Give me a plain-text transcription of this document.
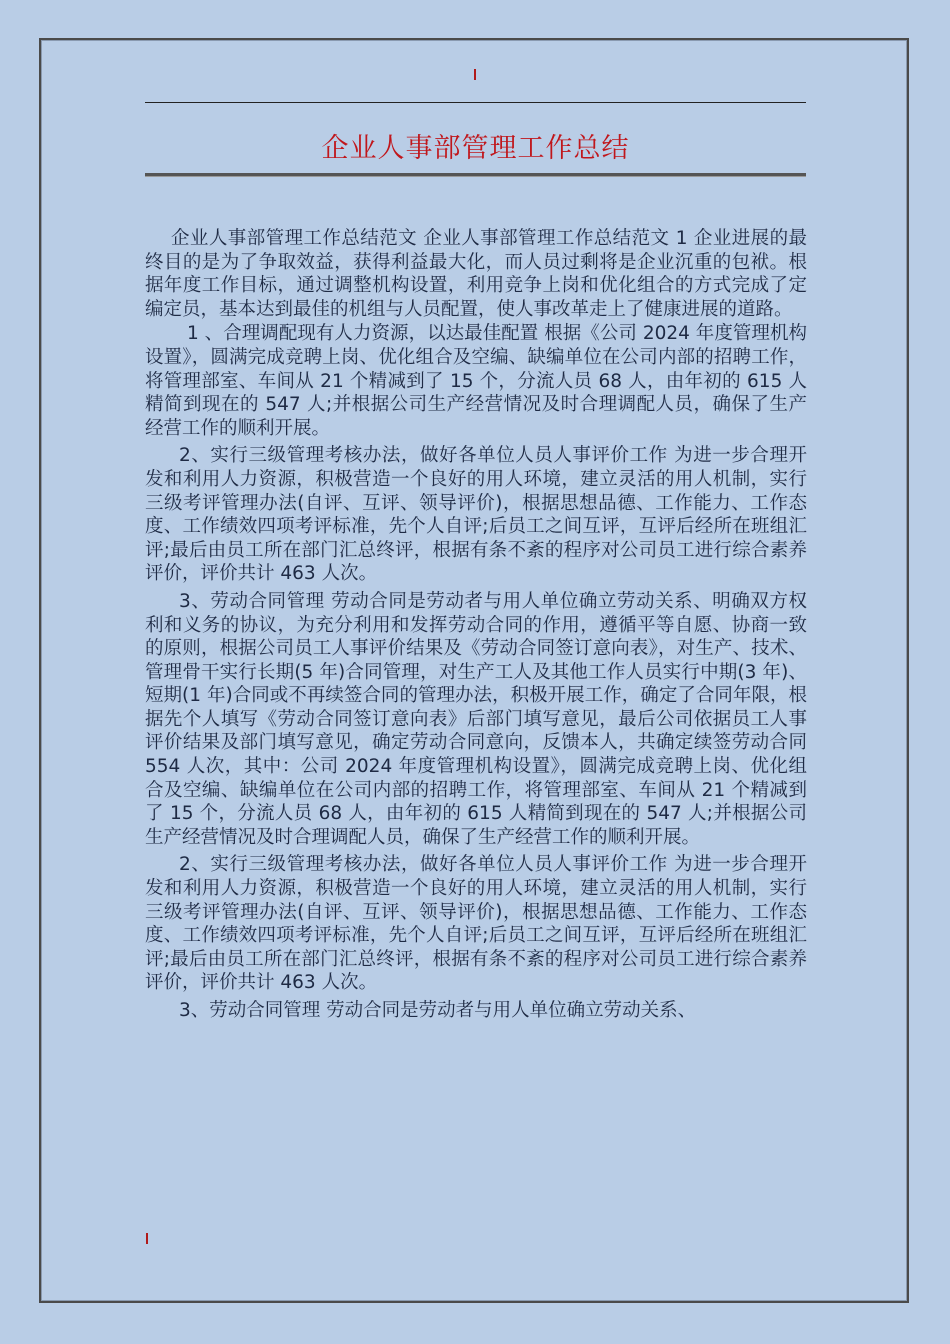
企业人事部管理工作总结

企业人事部管理工作总结范文 企业人事部管理工作总结范文 1 企业进展的最终目的是为了争取效益，获得利益最大化，而人员过剩将是企业沉重的包袱。根据年度工作目标，通过调整机构设置，利用竞争上岗和优化组合的方式完成了定编定员，基本达到最佳的机组与人员配置，使人事改革走上了健康进展的道路。

1 、合理调配现有人力资源，以达最佳配置 根据《公司 2024 年度管理机构设置》，圆满完成竞聘上岗、优化组合及空编、缺编单位在公司内部的招聘工作，将管理部室、车间从 21 个精减到了 15 个，分流人员 68 人，由年初的 615 人精简到现在的 547 人;并根据公司生产经营情况及时合理调配人员，确保了生产经营工作的顺利开展。

2、实行三级管理考核办法，做好各单位人员人事评价工作 为进一步合理开发和利用人力资源，积极营造一个良好的用人环境，建立灵活的用人机制，实行三级考评管理办法(自评、互评、领导评价)，根据思想品德、工作能力、工作态度、工作绩效四项考评标准，先个人自评;后员工之间互评，互评后经所在班组汇评;最后由员工所在部门汇总终评，根据有条不紊的程序对公司员工进行综合素养评价，评价共计 463 人次。

3、劳动合同管理 劳动合同是劳动者与用人单位确立劳动关系、明确双方权利和义务的协议，为充分利用和发挥劳动合同的作用，遵循平等自愿、协商一致的原则，根据公司员工人事评价结果及《劳动合同签订意向表》，对生产、技术、管理骨干实行长期(5 年)合同管理，对生产工人及其他工作人员实行中期(3 年)、短期(1 年)合同或不再续签合同的管理办法，积极开展工作，确定了合同年限，根据先个人填写《劳动合同签订意向表》后部门填写意见，最后公司依据员工人事评价结果及部门填写意见，确定劳动合同意向，反馈本人，共确定续签劳动合同 554 人次，其中：公司 2024 年度管理机构设置》，圆满完成竞聘上岗、优化组合及空编、缺编单位在公司内部的招聘工作，将管理部室、车间从 21 个精减到了 15 个，分流人员 68 人，由年初的 615 人精简到现在的 547 人;并根据公司生产经营情况及时合理调配人员，确保了生产经营工作的顺利开展。

2、实行三级管理考核办法，做好各单位人员人事评价工作 为进一步合理开发和利用人力资源，积极营造一个良好的用人环境，建立灵活的用人机制，实行三级考评管理办法(自评、互评、领导评价)，根据思想品德、工作能力、工作态度、工作绩效四项考评标准，先个人自评;后员工之间互评，互评后经所在班组汇评;最后由员工所在部门汇总终评，根据有条不紊的程序对公司员工进行综合素养评价，评价共计 463 人次。

3、劳动合同管理 劳动合同是劳动者与用人单位确立劳动关系、
